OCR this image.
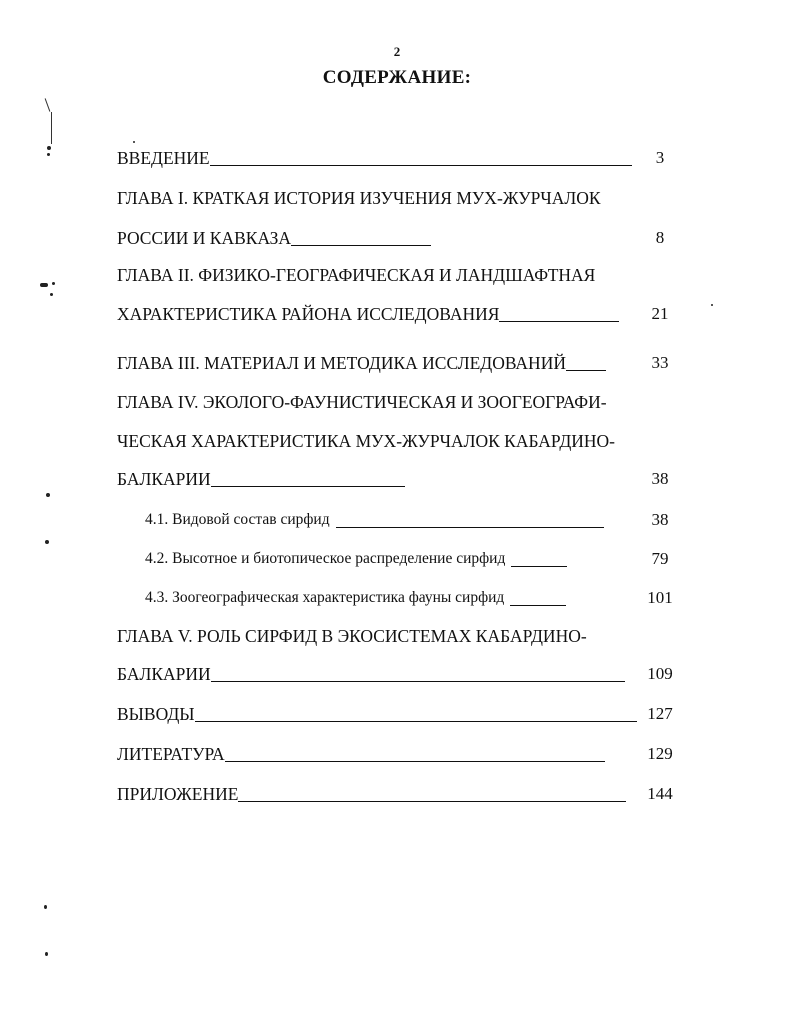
2
СОДЕРЖАНИЕ:
ВВЕДЕНИЕ	3
ГЛАВА I. КРАТКАЯ ИСТОРИЯ ИЗУЧЕНИЯ МУХ-ЖУРЧАЛОК
РОССИИ И КАВКАЗА	8
ГЛАВА II. ФИЗИКО-ГЕОГРАФИЧЕСКАЯ И ЛАНДШАФТНАЯ
ХАРАКТЕРИСТИКА РАЙОНА ИССЛЕДОВАНИЯ	21
ГЛАВА III. МАТЕРИАЛ И МЕТОДИКА ИССЛЕДОВАНИЙ	33
ГЛАВА IV. ЭКОЛОГО-ФАУНИСТИЧЕСКАЯ И ЗООГЕОГРАФИ-
ЧЕСКАЯ ХАРАКТЕРИСТИКА МУХ-ЖУРЧАЛОК КАБАРДИНО-
БАЛКАРИИ	38
4.1. Видовой состав сирфид	38
4.2. Высотное и биотопическое распределение сирфид	79
4.3. Зоогеографическая характеристика фауны сирфид	101
ГЛАВА V. РОЛЬ СИРФИД В ЭКОСИСТЕМАХ КАБАРДИНО-
БАЛКАРИИ	109
ВЫВОДЫ	127
ЛИТЕРАТУРА	129
ПРИЛОЖЕНИЕ	144
